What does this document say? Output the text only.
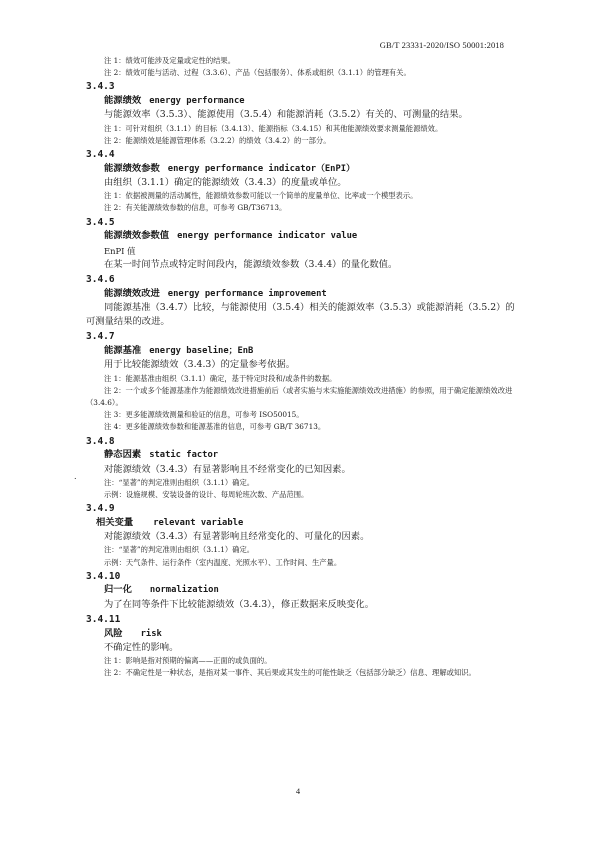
GB/T 23331-2020/ISO 50001:2018
.
注 1：绩效可能涉及定量或定性的结果。
注 2：绩效可能与活动、过程（3.3.6）、产品（包括服务）、体系或组织（3.1.1）的管理有关。
3.4.3
能源绩效 energy performance
与能源效率（3.5.3）、能源使用（3.5.4）和能源消耗（3.5.2）有关的、可测量的结果。
注 1：可针对组织（3.1.1）的目标（3.4.13）、能源指标（3.4.15）和其他能源绩效要求测量能源绩效。
注 2：能源绩效是能源管理体系（3.2.2）的绩效（3.4.2）的一部分。
3.4.4
能源绩效参数 energy performance indicator（EnPI）
由组织（3.1.1）确定的能源绩效（3.4.3）的度量或单位。
注 1：依据被测量的活动属性，能源绩效参数可能以一个简单的度量单位、比率或一个模型表示。
注 2：有关能源绩效参数的信息，可参考 GB/T36713。
3.4.5
能源绩效参数值 energy performance indicator value
EnPI 值
在某一时间节点或特定时间段内，能源绩效参数（3.4.4）的量化数值。
3.4.6
能源绩效改进 energy performance improvement
同能源基准（3.4.7）比较，与能源使用（3.5.4）相关的能源效率（3.5.3）或能源消耗（3.5.2）的可测量结果的改进。
3.4.7
能源基准 energy baseline；EnB
用于比较能源绩效（3.4.3）的定量参考依据。
注 1：能源基准由组织（3.1.1）确定，基于特定时段和/或条件的数据。
注 2：一个或多个能源基准作为能源绩效改进措施前后（或者实施与未实施能源绩效改进措施）的参照，用于确定能源绩效改进（3.4.6）。
注 3：更多能源绩效测量和验证的信息，可参考 ISO50015。
注 4：更多能源绩效参数和能源基准的信息，可参考 GB/T 36713。
3.4.8
静态因素 static factor
对能源绩效（3.4.3）有显著影响且不经常变化的已知因素。
注：“显著”的判定准则由组织（3.1.1）确定。
示例：设施规模、安装设备的设计、每周轮班次数、产品范围。
3.4.9
相关变量 relevant variable
对能源绩效（3.4.3）有显著影响且经常变化的、可量化的因素。
注：“显著”的判定准则由组织（3.1.1）确定。
示例：天气条件、运行条件（室内温度、光照水平）、工作时间、生产量。
3.4.10
归一化 normalization
为了在同等条件下比较能源绩效（3.4.3），修正数据来反映变化。
3.4.11
风险 risk
不确定性的影响。
注 1：影响是指对预期的偏离——正面的或负面的。
注 2：不确定性是一种状态，是指对某一事件、其后果或其发生的可能性缺乏（包括部分缺乏）信息、理解或知识。
4
